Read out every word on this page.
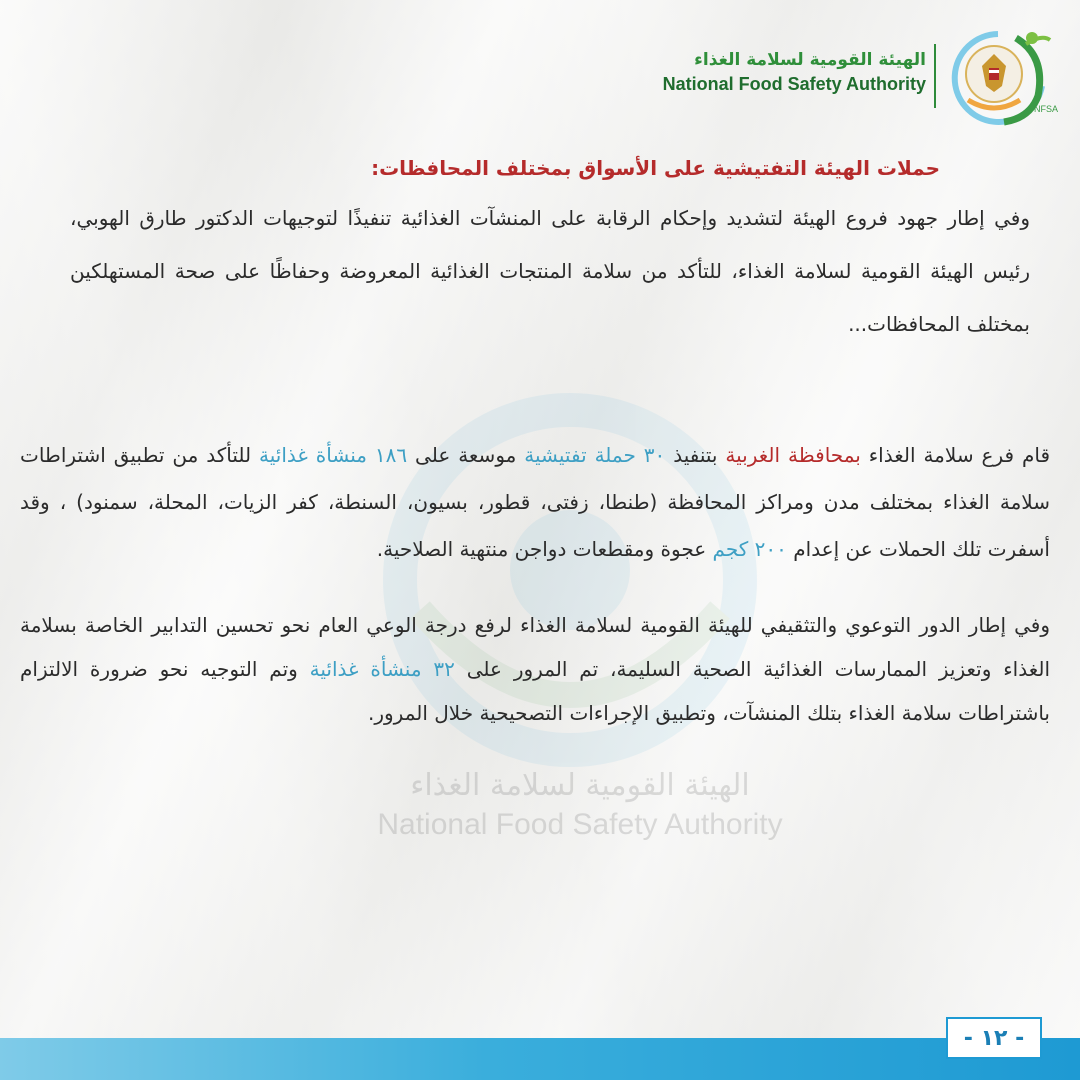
الهيئة القومية لسلامة الغذاء
National Food Safety Authority
NFSA
الهيئة القومية لسلامة الغذاء
National Food Safety Authority
حملات الهيئة التفتيشية على الأسواق بمختلف المحافظات:
وفي إطار جهود فروع الهيئة لتشديد وإحكام الرقابة على المنشآت الغذائية تنفيذًا لتوجيهات الدكتور طارق الهوبي، رئيس الهيئة القومية لسلامة الغذاء، للتأكد من سلامة المنتجات الغذائية المعروضة وحفاظًا على صحة المستهلكين بمختلف المحافظات...
قام فرع سلامة الغذاء بمحافظة الغربية بتنفيذ ٣٠ حملة تفتيشية موسعة على ١٨٦ منشأة غذائية للتأكد من تطبيق اشتراطات سلامة الغذاء بمختلف مدن ومراكز المحافظة (طنطا، زفتى، قطور، بسيون، السنطة، كفر الزيات، المحلة، سمنود) ، وقد أسفرت تلك الحملات عن إعدام ٢٠٠ كجم عجوة ومقطعات دواجن منتهية الصلاحية.
وفي إطار الدور التوعوي والتثقيفي للهيئة القومية لسلامة الغذاء لرفع درجة الوعي العام نحو تحسين التدابير الخاصة بسلامة الغذاء وتعزيز الممارسات الغذائية الصحية السليمة، تم المرور على ٣٢ منشأة غذائية وتم التوجيه نحو ضرورة الالتزام باشتراطات سلامة الغذاء بتلك المنشآت، وتطبيق الإجراءات التصحيحية خلال المرور.
- ١٢ -
